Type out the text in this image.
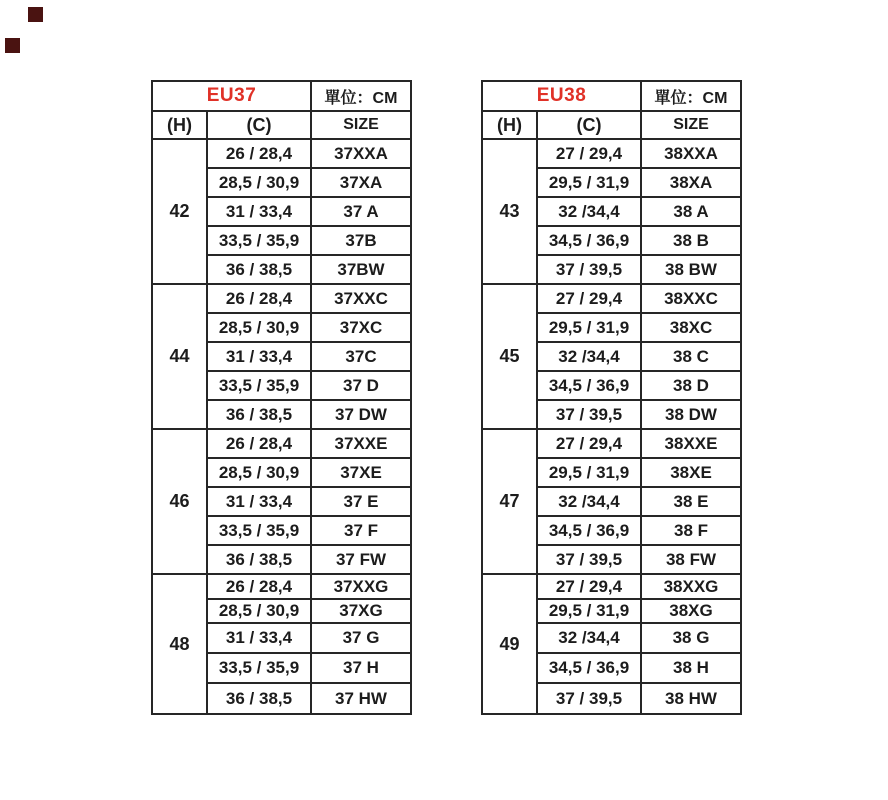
EU37		單位：CM
(H)	(C)	SIZE
42	26 / 28,4	37XXA
	28,5 / 30,9	37XA
	31 / 33,4	37 A
	33,5 / 35,9	37B
	36 / 38,5	37BW
44	26 / 28,4	37XXC
	28,5 / 30,9	37XC
	31 / 33,4	37C
	33,5 / 35,9	37 D
	36 / 38,5	37 DW
46	26 / 28,4	37XXE
	28,5 / 30,9	37XE
	31 / 33,4	37 E
	33,5 / 35,9	37 F
	36 / 38,5	37 FW
48	26 / 28,4	37XXG
	28,5 / 30,9	37XG
	31 / 33,4	37 G
	33,5 / 35,9	37 H
	36 / 38,5	37 HW
EU38		單位：CM
(H)	(C)	SIZE
43	27 / 29,4	38XXA
	29,5 / 31,9	38XA
	32 /34,4	38 A
	34,5 / 36,9	38 B
	37 / 39,5	38 BW
45	27 / 29,4	38XXC
	29,5 / 31,9	38XC
	32 /34,4	38 C
	34,5 / 36,9	38 D
	37 / 39,5	38 DW
47	27 / 29,4	38XXE
	29,5 / 31,9	38XE
	32 /34,4	38 E
	34,5 / 36,9	38 F
	37 / 39,5	38 FW
49	27 / 29,4	38XXG
	29,5 / 31,9	38XG
	32 /34,4	38 G
	34,5 / 36,9	38 H
	37 / 39,5	38 HW
